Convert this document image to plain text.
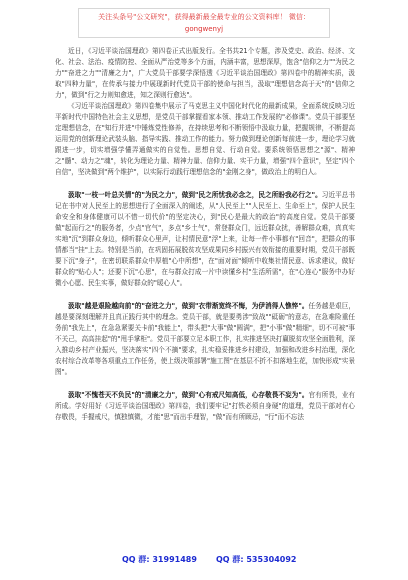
关注头条号"公文研究"，获得最新最全最专业的公文资料库！ 微信：gongwenyj

近日，《习近平谈治国理政》第四卷正式出版发行。全书共21个专题，涉及党史、政治、经济、文化、社会、法治、疫情防控、全面从严治党等多个方面，内涵丰富，思想深厚，饱含"信仰之力""为民之力""奋进之力""清廉之力"，广大党员干部要学深悟透《习近平谈治国理政》第四卷中的精神实质，汲取"四种力量"，在传承与接力中展现新时代党员干部的使命与担当，汲取"理想信念高于天"的"信仰之力"，做到"行之力则知愈进，知之深则行愈达"。

《习近平谈治国理政》第四卷集中展示了马克思主义中国化时代化的最新成果，全面系统反映习近平新时代中国特色社会主义思想，是党员干部掌握看家本领、推动工作发展的"必修课"。党员干部要坚定理想信念，在"知行并进"中锤炼党性修养，在持续思考和不断领悟中汲取力量，把握规律，不断提高运用党的创新理论武装头脑、指导实践、推动工作的能力。努力做到理论创新每前进一步，理论学习就跟进一步，切实增强学懂弄通做实的自觉性。思想自觉、行动自觉。要系统领悟思想之"源"、精神之"髓"、动力之"魂"，转化为理论力量、精神力量、信仰力量、实干力量，增强"四个意识"，坚定"四个自信"，坚决做到"两个维护"，以实际行动践行理想信念的"金刚之身"，做政治上的明白人。

汲取"一枝一叶总关情"的"为民之力"，做到"民之所忧我必念之，民之所盼我必行之"。习近平总书记在书中对人民至上的思想进行了全面深入的阐述，从"人民至上""人民至上、生命至上"，保护人民生命安全和身体健康可以不惜一切代价"的坚定决心，到"民心是最大的政治"的高度自觉。党员干部要做"起而行之"的服务者，少点"官气"，多点"乡土气"，常登群众门，远近群众扰，善解群众难，真真实实地"沉"到群众身边，倾听群众心里声，让村情民意"浮"上来，让每一件小事都有"回音"，把群众的事情都当"挂"上去。特别是当前，在巩固拓展脱贫攻坚成果同乡村振兴有效衔接的重要时期，党员干部既要下沉"身子"，在密切联系群众中厚植"心中所想"，在"面对面"倾听中收集社情民意、诉求建议，做好群众的"贴心人"；还要下沉"心思"，在与群众打成一片中读懂乡村"生活所需"，在"心连心"服务中办好微小心愿、民生实事，做好群众的"暖心人"。

汲取"越是艰险越向前"的"奋进之力"，做到"衣带渐宽终不悔，为伊消得人憔悴"。任务越是艰巨，越是要深刻理解并且真正践行其中的理念。党员干部，就是要勇涉"致战""砥砺"的意志，在急难险重任务前"我先上"，在急急紧要关卡前"我能上"，带头把"大事"做"圆满"，把"小事"做"精细"，切不可被"事不关己，高高挂起"的"甩手掌柜"。党员干部要立足本职工作，扎实推进坚决打赢脱贫攻坚全面胜利，深入推动乡村产业振兴，坚决落实"四个不摘"要求，扎实稳妥推进乡村建设，加强和改进乡村治理，深化农村综合改革等各项重点工作任务，使上级决策部署"施工图"在基层不折不扣落地生花，加快形成"实景图"。

汲取"不愧苍天不负民"的"清廉之力"，做到"心有戒尺知高低，心存敬畏不妄为"。官有所畏，业有所成。学好用好《习近平谈治国理政》第四卷，我们要牢记"打铁必须自身硬"的道理，党员干部对有心存敬畏，手握戒尺，慎独慎微，才能"思"而出手理智，"做"而有所顾忌，"行"而不忘法

QQ 群: 31991489 QQ 群: 535304092
